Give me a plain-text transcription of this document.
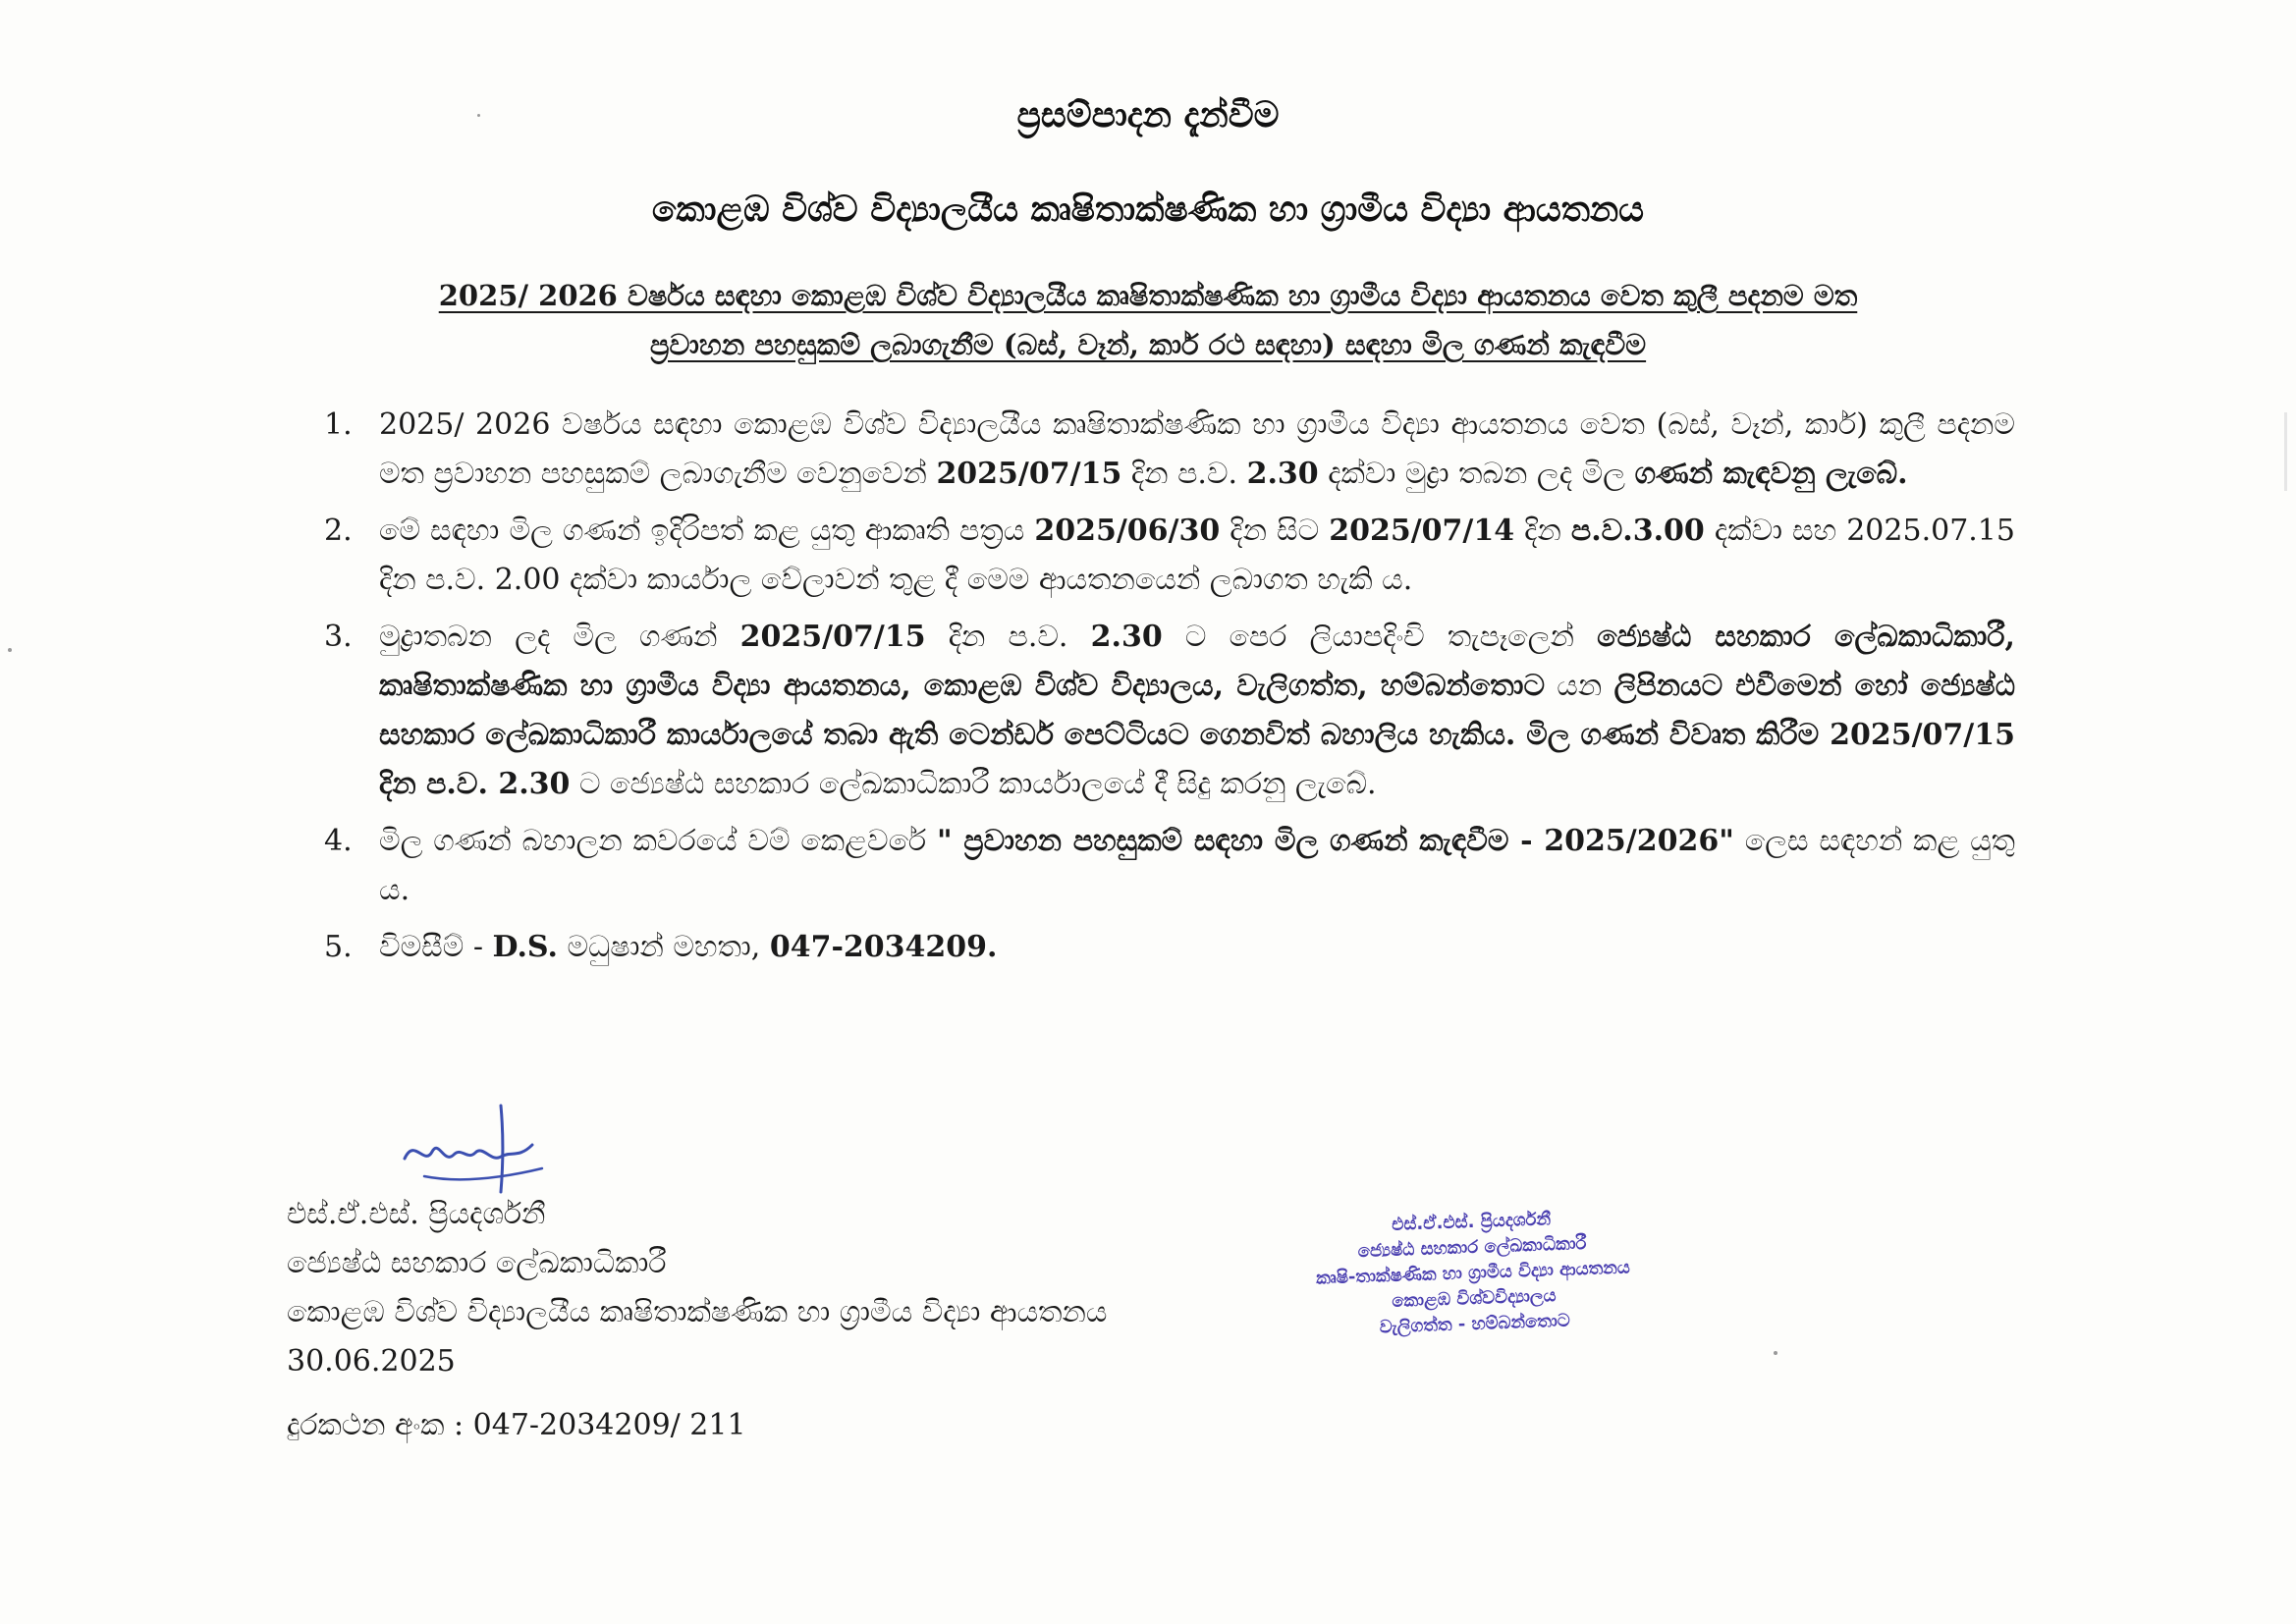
ප්‍රසම්පාදන දැන්වීම
කොළඹ විශ්ව විද්‍යාලයීය කෘෂිතාක්ෂණික හා ග්‍රාමීය විද්‍යා ආයතනය
2025/ 2026 වර්ෂය සඳහා කොළඹ විශ්ව විද්‍යාලයීය කෘෂිතාක්ෂණික හා ග්‍රාමීය විද්‍යා ආයතනය වෙත කුලී පදනම මත
ප්‍රවාහන පහසුකම් ලබාගැනීම (බස්, වෑන්, කාර් රථ සඳහා) සඳහා මිල ගණන් කැඳවීම
1. 2025/ 2026 වර්ෂය සඳහා කොළඹ විශ්ව විද්‍යාලයීය කෘෂිතාක්ෂණික හා ග්‍රාමීය විද්‍යා ආයතනය වෙත (බස්, වෑන්, කාර්) කුලී පදනම මත ප්‍රවාහන පහසුකම් ලබාගැනීම වෙනුවෙන් 2025/07/15 දින ප.ව. 2.30 දක්වා මුද්‍රා තබන ලද මිල ගණන් කැඳවනු ලැබේ.
2. මේ සඳහා මිල ගණන් ඉදිරිපත් කළ යුතු ආකෘති පත්‍රය 2025/06/30 දින සිට 2025/07/14 දින ප.ව.3.00 දක්වා සහ 2025.07.15 දින ප.ව. 2.00 දක්වා කාර්යාල වේලාවන් තුළ දී මෙම ආයතනයෙන් ලබාගත හැකි ය.
3. මුද්‍රාතබන ලද මිල ගණන් 2025/07/15 දින ප.ව. 2.30 ට පෙර ලියාපදිංචි තැපෑලෙන් ජ්‍යෙෂ්ඨ සහකාර ලේඛකාධිකාරී, කෘෂිතාක්ෂණික හා ග්‍රාමීය විද්‍යා ආයතනය, කොළඹ විශ්ව විද්‍යාලය, වැලිගත්ත, හම්බන්තොට යන ලිපිනයට එවීමෙන් හෝ ජ්‍යෙෂ්ඨ සහකාර ලේඛකාධිකාරී කාර්යාලයේ තබා ඇති ටෙන්ඩර් පෙට්ටියට ගෙනවිත් බහාලිය හැකිය. මිල ගණන් විවෘත කිරීම 2025/07/15 දින ප.ව. 2.30 ට ජ්‍යෙෂ්ඨ සහකාර ලේඛකාධිකාරී කාර්යාලයේ දී සිදු කරනු ලැබේ.
4. මිල ගණන් බහාලන කවරයේ වම් කෙළවරේ " ප්‍රවාහන පහසුකම් සඳහා මිල ගණන් කැඳවීම - 2025/2026" ලෙස සඳහන් කළ යුතු ය.
5. විමසීම් - D.S. මධුෂාන් මහතා, 047-2034209.
එස්.ඒ.එස්. ප්‍රියදර්ශනී
ජ්‍යෙෂ්ඨ සහකාර ලේඛකාධිකාරී
කොළඹ විශ්ව විද්‍යාලයීය කෘෂිතාක්ෂණික හා ග්‍රාමීය විද්‍යා ආයතනය
30.06.2025
දුරකථන අංක : 047-2034209/ 211
එස්.ඒ.එස්. ප්‍රියදර්ශනී
ජ්‍යෙෂ්ඨ සහකාර ලේඛකාධිකාරී
කෘෂි-තාක්ෂණික හා ග්‍රාමීය විද්‍යා ආයතනය
කොළඹ විශ්වවිද්‍යාලය
වැලිගත්ත - හම්බන්තොට
